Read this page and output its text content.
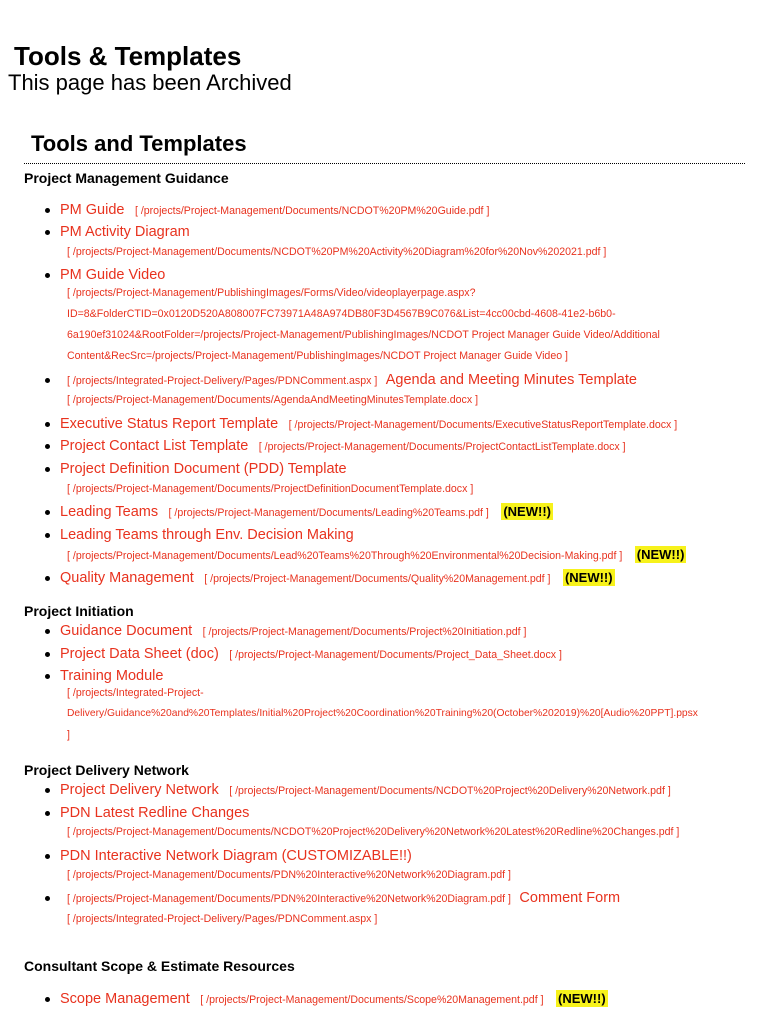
Tools & Templates
This page has been Archived
Tools and Templates
Project Management Guidance
PM Guide [ /projects/Project-Management/Documents/NCDOT%20PM%20Guide.pdf ]
PM Activity Diagram
[ /projects/Project-Management/Documents/NCDOT%20PM%20Activity%20Diagram%20for%20Nov%202021.pdf ]
PM Guide Video
[ /projects/Project-Management/PublishingImages/Forms/Video/videoplayerpage.aspx?
ID=8&FolderCTID=0x0120D520A808007FC73971A48A974DB80F3D4567B9C076&List=4cc00cbd-4608-41e2-b6b0-
6a190ef31024&RootFolder=/projects/Project-Management/PublishingImages/NCDOT Project Manager Guide Video/Additional
Content&RecSrc=/projects/Project-Management/PublishingImages/NCDOT Project Manager Guide Video ]
[ /projects/Integrated-Project-Delivery/Pages/PDNComment.aspx ] Agenda and Meeting Minutes Template
[ /projects/Project-Management/Documents/AgendaAndMeetingMinutesTemplate.docx ]
Executive Status Report Template [ /projects/Project-Management/Documents/ExecutiveStatusReportTemplate.docx ]
Project Contact List Template [ /projects/Project-Management/Documents/ProjectContactListTemplate.docx ]
Project Definition Document (PDD) Template
[ /projects/Project-Management/Documents/ProjectDefinitionDocumentTemplate.docx ]
Leading Teams [ /projects/Project-Management/Documents/Leading%20Teams.pdf ] (NEW!!)
Leading Teams through Env. Decision Making
[ /projects/Project-Management/Documents/Lead%20Teams%20Through%20Environmental%20Decision-Making.pdf ] (NEW!!)
Quality Management [ /projects/Project-Management/Documents/Quality%20Management.pdf ] (NEW!!)
Project Initiation
Guidance Document [ /projects/Project-Management/Documents/Project%20Initiation.pdf ]
Project Data Sheet (doc) [ /projects/Project-Management/Documents/Project_Data_Sheet.docx ]
Training Module
[ /projects/Integrated-Project-
Delivery/Guidance%20and%20Templates/Initial%20Project%20Coordination%20Training%20(October%202019)%20[Audio%20PPT].ppsx
]
Project Delivery Network
Project Delivery Network [ /projects/Project-Management/Documents/NCDOT%20Project%20Delivery%20Network.pdf ]
PDN Latest Redline Changes
[ /projects/Project-Management/Documents/NCDOT%20Project%20Delivery%20Network%20Latest%20Redline%20Changes.pdf ]
PDN Interactive Network Diagram (CUSTOMIZABLE!!)
[ /projects/Project-Management/Documents/PDN%20Interactive%20Network%20Diagram.pdf ]
[ /projects/Project-Management/Documents/PDN%20Interactive%20Network%20Diagram.pdf ] Comment Form
[ /projects/Integrated-Project-Delivery/Pages/PDNComment.aspx ]
Consultant Scope & Estimate Resources
Scope Management [ /projects/Project-Management/Documents/Scope%20Management.pdf ] (NEW!!)
